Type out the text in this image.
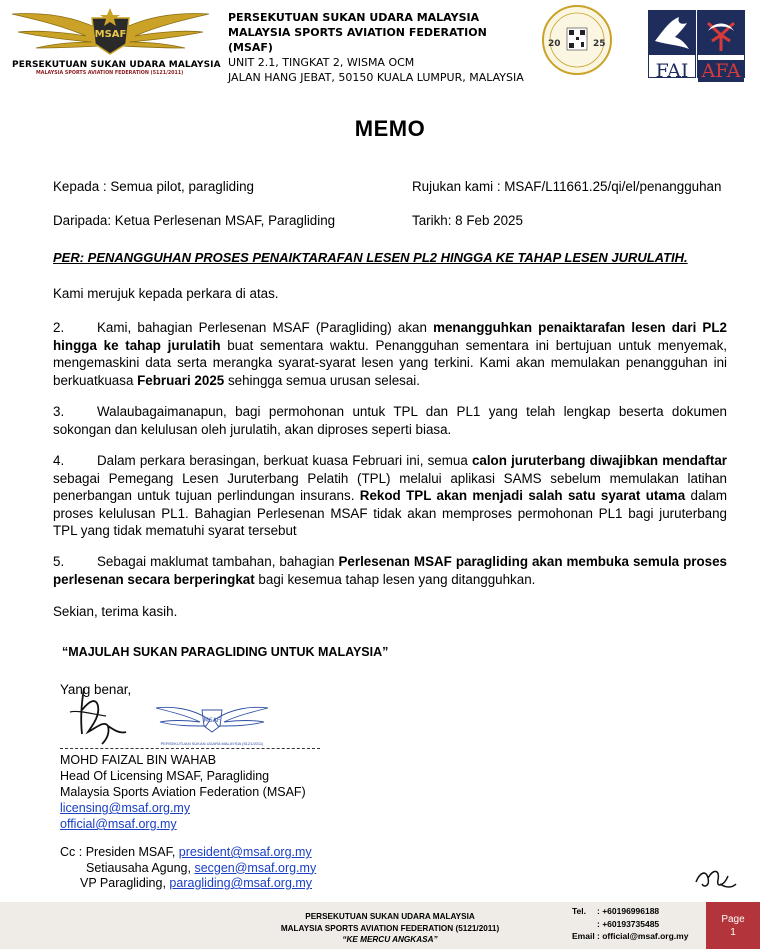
MSAF
PERSEKUTUAN SUKAN UDARA MALAYSIA
MALAYSIA SPORTS AVIATION FEDERATION (5121/2011)
PERSEKUTUAN SUKAN UDARA MALAYSIA
MALAYSIA SPORTS AVIATION FEDERATION (MSAF)
UNIT 2.1, TINGKAT 2, WISMA OCM
JALAN HANG JEBAT, 50150 KUALA LUMPUR, MALAYSIA
20	25
FAI AFA
MEMO
Kepada : Semua pilot, paragliding	Rujukan kami : MSAF/L11661.25/qi/el/penangguhan
Daripada: Ketua Perlesenan MSAF, Paragliding	Tarikh: 8 Feb 2025
PER: PENANGGUHAN PROSES PENAIKTARAFAN LESEN PL2 HINGGA KE TAHAP LESEN JURULATIH.
Kami merujuk kepada perkara di atas.
2. Kami, bahagian Perlesenan MSAF (Paragliding) akan menangguhkan penaiktarafan lesen dari PL2 hingga ke tahap jurulatih buat sementara waktu. Penangguhan sementara ini bertujuan untuk menyemak, mengemaskini data serta merangka syarat-syarat lesen yang terkini. Kami akan memulakan penangguhan ini berkuatkuasa Februari 2025 sehingga semua urusan selesai.
3. Walaubagaimanapun, bagi permohonan untuk TPL dan PL1 yang telah lengkap beserta dokumen sokongan dan kelulusan oleh jurulatih, akan diproses seperti biasa.
4. Dalam perkara berasingan, berkuat kuasa Februari ini, semua calon juruterbang diwajibkan mendaftar sebagai Pemegang Lesen Juruterbang Pelatih (TPL) melalui aplikasi SAMS sebelum memulakan latihan penerbangan untuk tujuan perlindungan insurans. Rekod TPL akan menjadi salah satu syarat utama dalam proses kelulusan PL1. Bahagian Perlesenan MSAF tidak akan memproses permohonan PL1 bagi juruterbang TPL yang tidak mematuhi syarat tersebut
5. Sebagai maklumat tambahan, bahagian Perlesenan MSAF paragliding akan membuka semula proses perlesenan secara berperingkat bagi kesemua tahap lesen yang ditangguhkan.
Sekian, terima kasih.
“MAJULAH SUKAN PARAGLIDING UNTUK MALAYSIA”
Yang benar,
MSAF
PERSEKUTUAN SUKAN UDARA MALAYSIA (5121/2011)
MOHD FAIZAL BIN WAHAB
Head Of Licensing MSAF, Paragliding
Malaysia Sports Aviation Federation (MSAF)
licensing@msaf.org.my
official@msaf.org.my
Cc : Presiden MSAF, president@msaf.org.my
Setiausaha Agung, secgen@msaf.org.my
VP Paragliding, paragliding@msaf.org.my
PERSEKUTUAN SUKAN UDARA MALAYSIA
MALAYSIA SPORTS AVIATION FEDERATION (5121/2011)
“KE MERCU ANGKASA”
Tel. : +60196996188
: +60193735485
Email : official@msaf.org.my
Page
1
